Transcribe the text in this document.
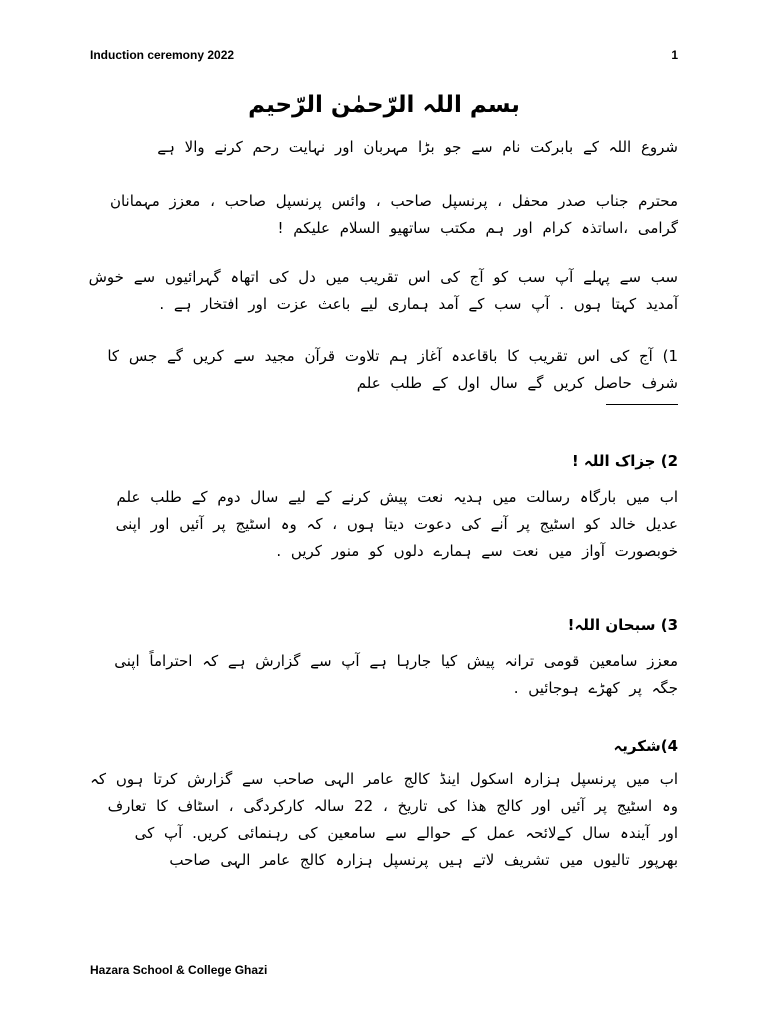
Induction ceremony 2022	1
بسم اللہ الرّحمٰن الرّحیم
شروع اللہ کے بابرکت نام سے جو بڑا مہربان اور نہایت رحم کرنے والا ہے
محترم جناب صدر محفل ، پرنسپل صاحب ، وائس پرنسپل صاحب ، معزز مہمانان گرامی ،اساتذہ کرام اور ہم مکتب ساتھیو السلام علیکم !
سب سے پہلے آپ سب کو آج کی اس تقریب میں دل کی اتھاہ گہرائیوں سے خوش آمدید کہتا ہوں . آپ سب کے آمد ہماری لیے باعث عزت اور افتخار ہے .
1) آج کی اس تقریب کا باقاعدہ آغاز ہم تلاوت قرآن مجید سے کریں گے جس کا شرف حاصل کریں گے سال اول کے طلب علم
2) جزاک اللہ !
اب میں بارگاہ رسالت میں ہدیہ نعت پیش کرنے کے لیے سال دوم کے طلب علم عدیل خالد کو اسٹیج پر آنے کی دعوت دیتا ہوں ، کہ وہ اسٹیج پر آئیں اور اپنی خوبصورت آواز میں نعت سے ہمارے دلوں کو منور کریں .
3) سبحان اللہ!
معزز سامعین قومی ترانہ پیش کیا جارہا ہے آپ سے گزارش ہے کہ احتراماً اپنی جگہ پر کھڑے ہوجائیں .
4)شکریہ
اب میں پرنسپل ہزارہ اسکول اینڈ کالج عامر الہی صاحب سے گزارش کرتا ہوں کہ وہ اسٹیج پر آئیں اور کالج ھذا کی تاریخ ، 22 سالہ کارکردگی ، اسٹاف کا تعارف اور آیندہ سال کےلائحہ عمل کے حوالے سے سامعین کی رہنمائی کریں. آپ کی بھرپور تالیوں میں تشریف لاتے ہیں پرنسپل ہزارہ کالج عامر الہی صاحب
Hazara School & College Ghazi
